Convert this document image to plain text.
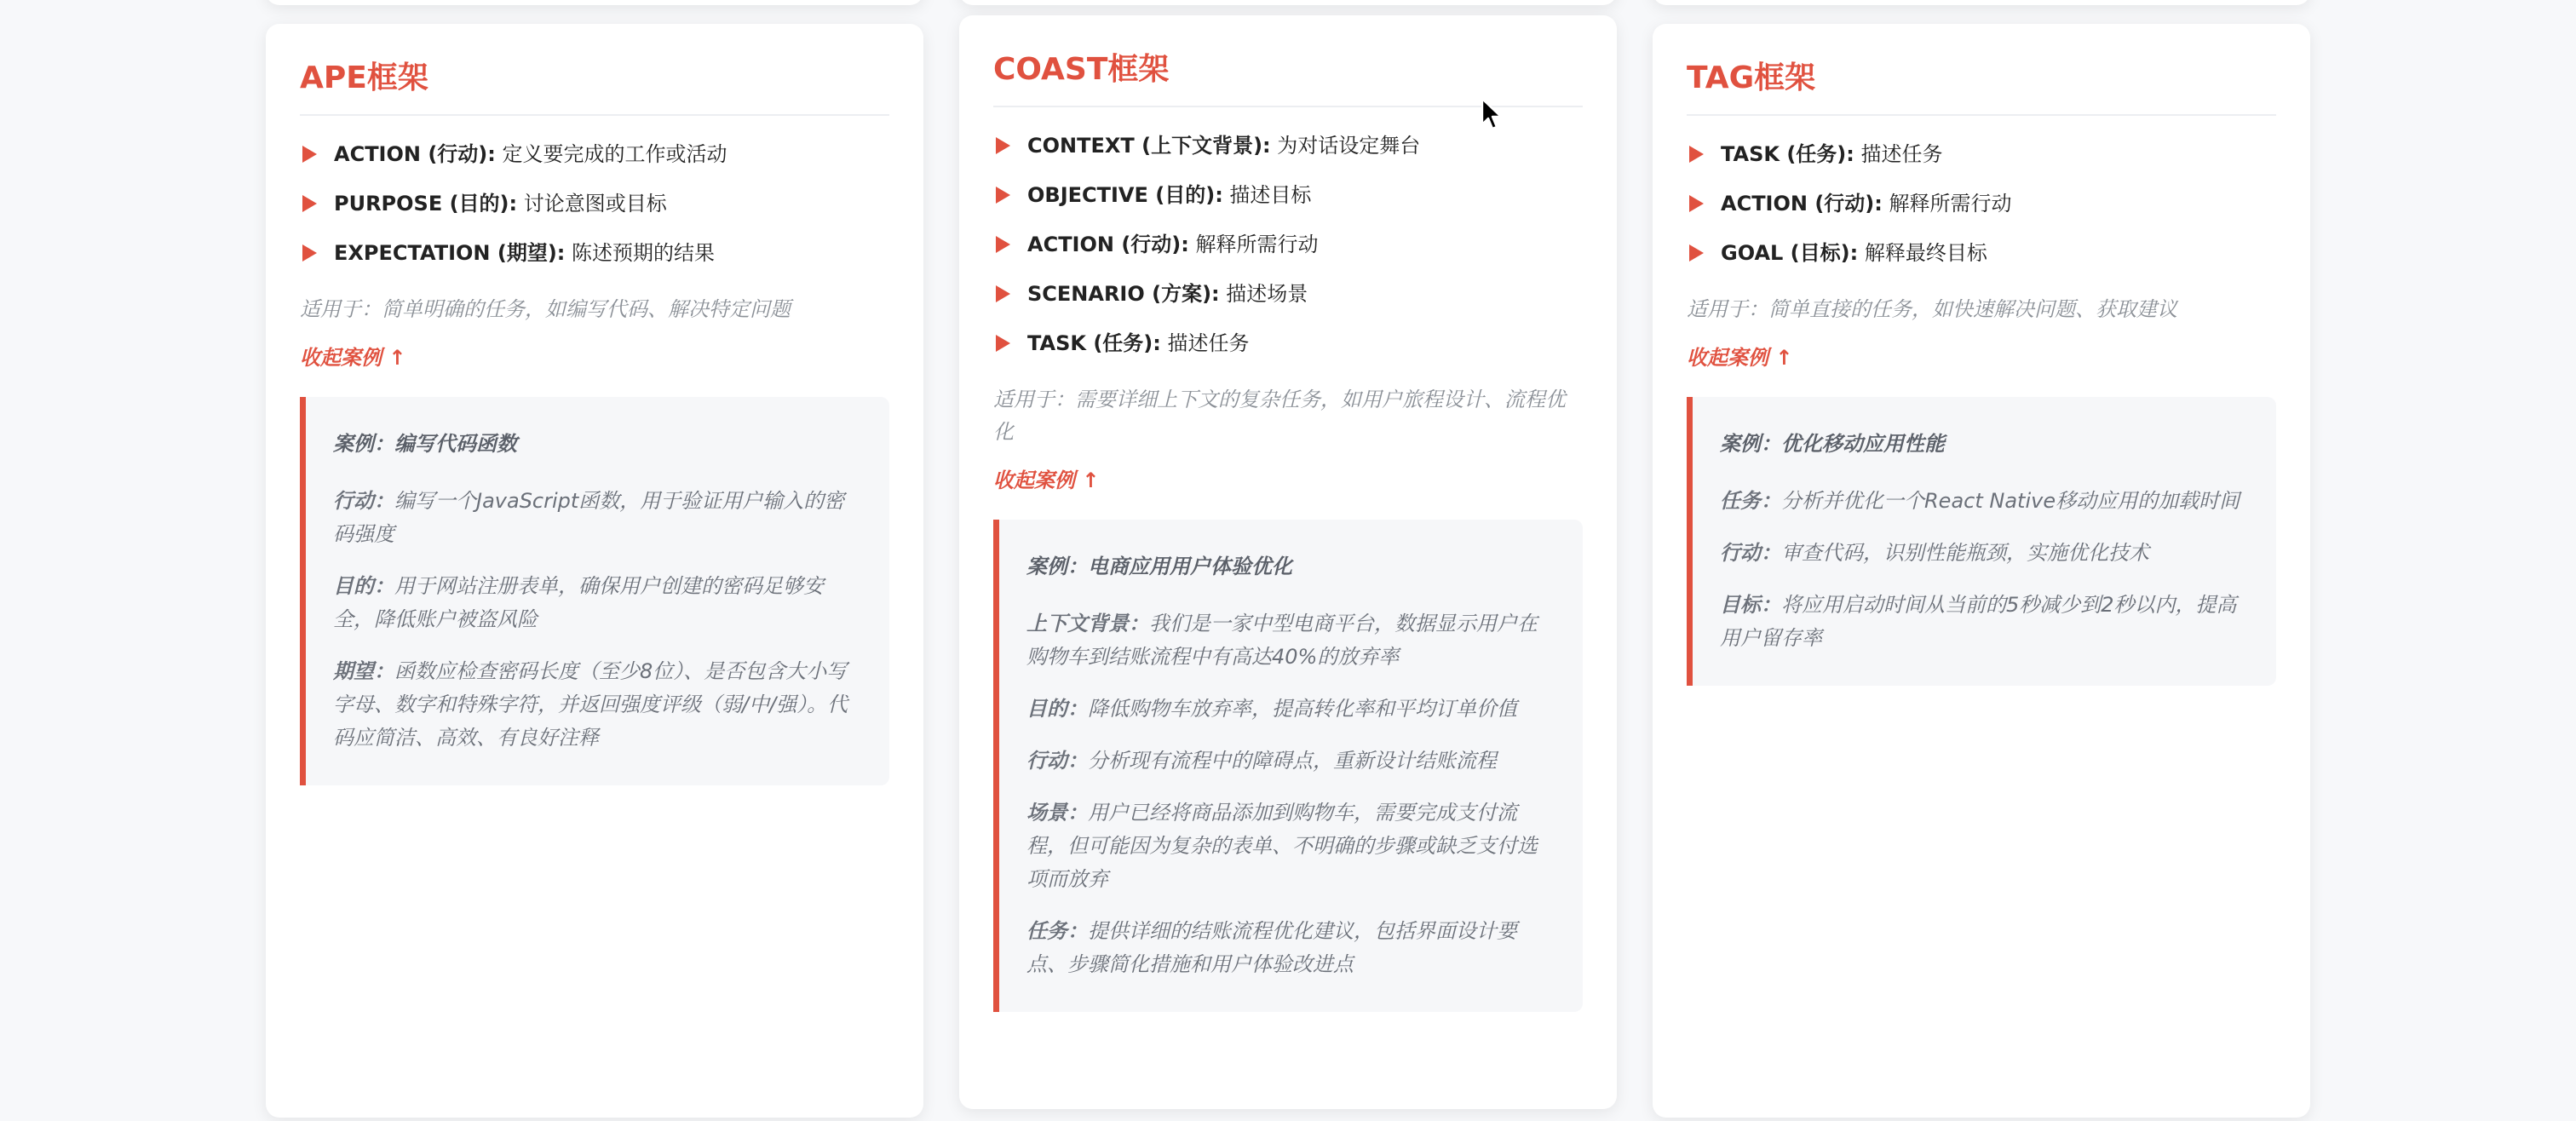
APE框架
ACTION (行动): 定义要完成的工作或活动
PURPOSE (目的): 讨论意图或目标
EXPECTATION (期望): 陈述预期的结果

适用于：简单明确的任务，如编写代码、解决特定问题

收起案例 ↑

案例：编写代码函数

行动：编写一个JavaScript函数，用于验证用户输入的密码强度

目的：用于网站注册表单，确保用户创建的密码足够安全，降低账户被盗风险

期望：函数应检查密码长度（至少8位）、是否包含大小写字母、数字和特殊字符，并返回强度评级（弱/中/强）。代码应简洁、高效、有良好注释

COAST框架
CONTEXT (上下文背景): 为对话设定舞台
OBJECTIVE (目的): 描述目标
ACTION (行动): 解释所需行动
SCENARIO (方案): 描述场景
TASK (任务): 描述任务

适用于：需要详细上下文的复杂任务，如用户旅程设计、流程优化

收起案例 ↑

案例：电商应用用户体验优化

上下文背景：我们是一家中型电商平台，数据显示用户在购物车到结账流程中有高达40%的放弃率

目的：降低购物车放弃率，提高转化率和平均订单价值

行动：分析现有流程中的障碍点，重新设计结账流程

场景：用户已经将商品添加到购物车，需要完成支付流程，但可能因为复杂的表单、不明确的步骤或缺乏支付选项而放弃

任务：提供详细的结账流程优化建议，包括界面设计要点、步骤简化措施和用户体验改进点

TAG框架
TASK (任务): 描述任务
ACTION (行动): 解释所需行动
GOAL (目标): 解释最终目标

适用于：简单直接的任务，如快速解决问题、获取建议

收起案例 ↑

案例：优化移动应用性能

任务：分析并优化一个React Native移动应用的加载时间

行动：审查代码，识别性能瓶颈，实施优化技术

目标：将应用启动时间从当前的5秒减少到2秒以内，提高用户留存率
